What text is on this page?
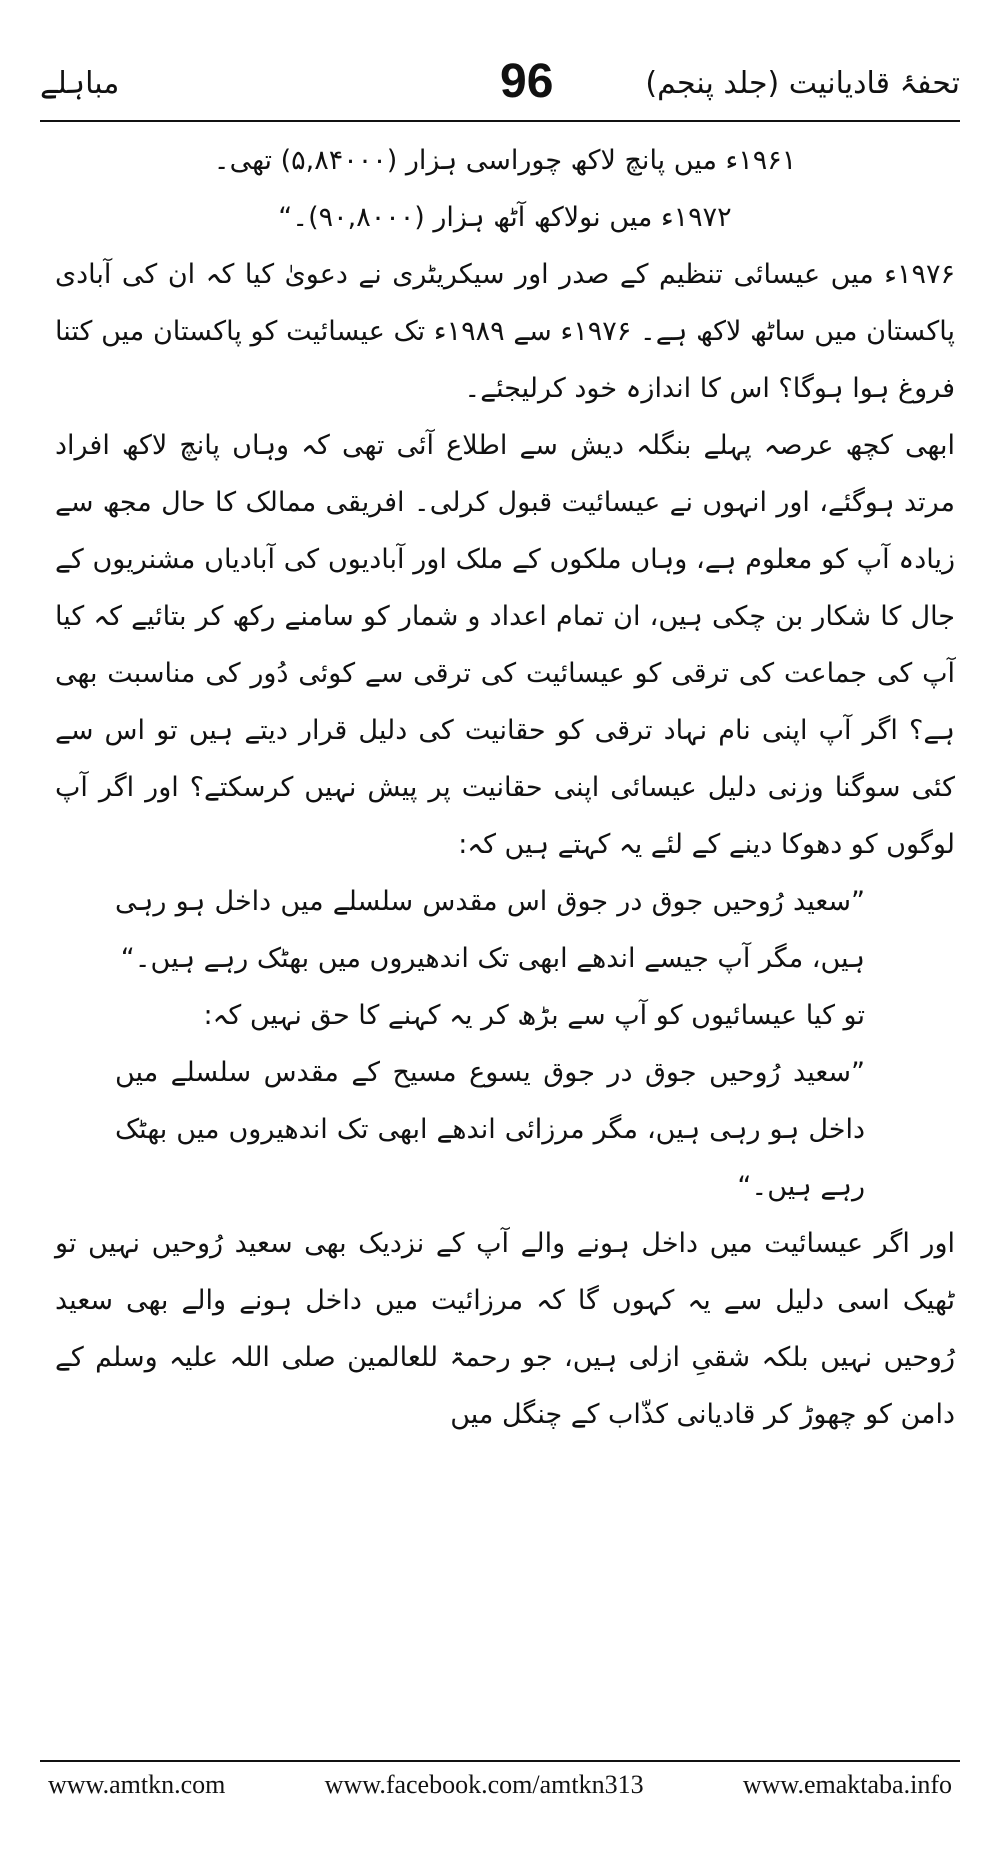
تحفۂ قادیانیت (جلد پنجم)
96
مباہلے

۱۹۶۱ء میں پانچ لاکھ چوراسی ہزار (۵,۸۴۰۰۰) تھی۔

۱۹۷۲ء میں نولاکھ آٹھ ہزار (۹۰,۸۰۰۰)۔“

۱۹۷۶ء میں عیسائی تنظیم کے صدر اور سیکریٹری نے دعویٰ کیا کہ ان کی آبادی پاکستان میں ساٹھ لاکھ ہے۔ ۱۹۷۶ء سے ۱۹۸۹ء تک عیسائیت کو پاکستان میں کتنا فروغ ہوا ہوگا؟ اس کا اندازہ خود کرلیجئے۔

ابھی کچھ عرصہ پہلے بنگلہ دیش سے اطلاع آئی تھی کہ وہاں پانچ لاکھ افراد مرتد ہوگئے، اور انہوں نے عیسائیت قبول کرلی۔ افریقی ممالک کا حال مجھ سے زیادہ آپ کو معلوم ہے، وہاں ملکوں کے ملک اور آبادیوں کی آبادیاں مشنریوں کے جال کا شکار بن چکی ہیں، ان تمام اعداد و شمار کو سامنے رکھ کر بتائیے کہ کیا آپ کی جماعت کی ترقی کو عیسائیت کی ترقی سے کوئی دُور کی مناسبت بھی ہے؟ اگر آپ اپنی نام نہاد ترقی کو حقانیت کی دلیل قرار دیتے ہیں تو اس سے کئی سوگنا وزنی دلیل عیسائی اپنی حقانیت پر پیش نہیں کرسکتے؟ اور اگر آپ لوگوں کو دھوکا دینے کے لئے یہ کہتے ہیں کہ:

”سعید رُوحیں جوق در جوق اس مقدس سلسلے میں داخل ہو رہی ہیں، مگر آپ جیسے اندھے ابھی تک اندھیروں میں بھٹک رہے ہیں۔“

تو کیا عیسائیوں کو آپ سے بڑھ کر یہ کہنے کا حق نہیں کہ:

”سعید رُوحیں جوق در جوق یسوع مسیح کے مقدس سلسلے میں داخل ہو رہی ہیں، مگر مرزائی اندھے ابھی تک اندھیروں میں بھٹک رہے ہیں۔“

اور اگر عیسائیت میں داخل ہونے والے آپ کے نزدیک بھی سعید رُوحیں نہیں تو ٹھیک اسی دلیل سے یہ کہوں گا کہ مرزائیت میں داخل ہونے والے بھی سعید رُوحیں نہیں بلکہ شقیِ ازلی ہیں، جو رحمۃ للعالمین صلی اللہ علیہ وسلم کے دامن کو چھوڑ کر قادیانی کذّاب کے چنگل میں

www.amtkn.com	www.facebook.com/amtkn313	www.emaktaba.info
